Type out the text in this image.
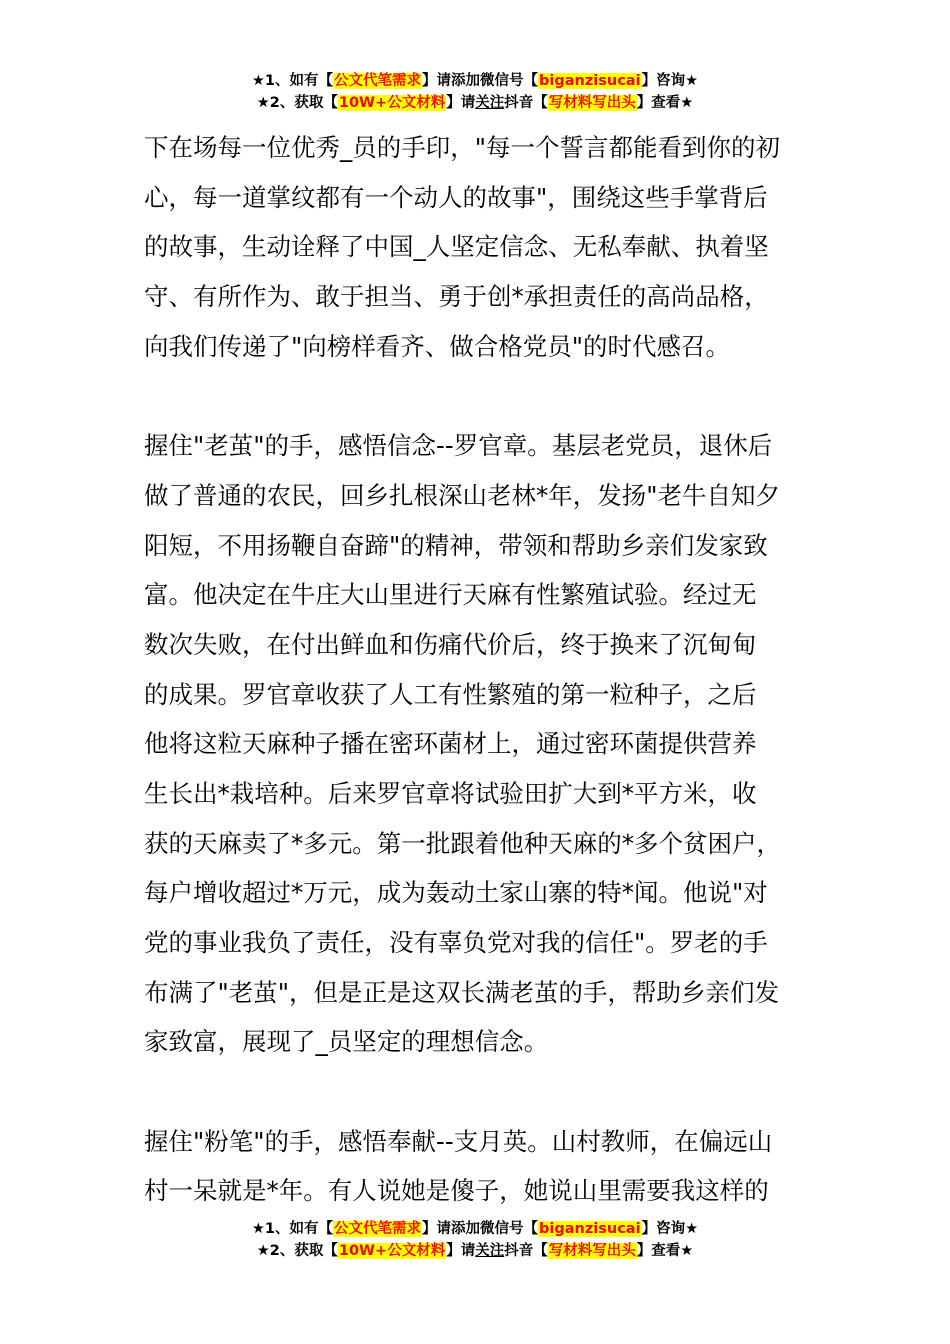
★1、如有【公文代笔需求】请添加微信号【biganzisucai】咨询★
★2、获取【10W+公文材料】请关注抖音【写材料写出头】查看★
下在场每一位优秀_员的手印，"每一个誓言都能看到你的初
心，每一道掌纹都有一个动人的故事"，围绕这些手掌背后
的故事，生动诠释了中国_人坚定信念、无私奉献、执着坚
守、有所作为、敢于担当、勇于创*承担责任的高尚品格，
向我们传递了"向榜样看齐、做合格党员"的时代感召。
握住"老茧"的手，感悟信念--罗官章。基层老党员，退休后
做了普通的农民，回乡扎根深山老林*年，发扬"老牛自知夕
阳短，不用扬鞭自奋蹄"的精神，带领和帮助乡亲们发家致
富。他决定在牛庄大山里进行天麻有性繁殖试验。经过无
数次失败，在付出鲜血和伤痛代价后，终于换来了沉甸甸
的成果。罗官章收获了人工有性繁殖的第一粒种子，之后
他将这粒天麻种子播在密环菌材上，通过密环菌提供营养
生长出*栽培种。后来罗官章将试验田扩大到*平方米，收
获的天麻卖了*多元。第一批跟着他种天麻的*多个贫困户，
每户增收超过*万元，成为轰动土家山寨的特*闻。他说"对
党的事业我负了责任，没有辜负党对我的信任"。罗老的手
布满了"老茧"，但是正是这双长满老茧的手，帮助乡亲们发
家致富，展现了_员坚定的理想信念。
握住"粉笔"的手，感悟奉献--支月英。山村教师，在偏远山
村一呆就是*年。有人说她是傻子，她说山里需要我这样的
★1、如有【公文代笔需求】请添加微信号【biganzisucai】咨询★
★2、获取【10W+公文材料】请关注抖音【写材料写出头】查看★
